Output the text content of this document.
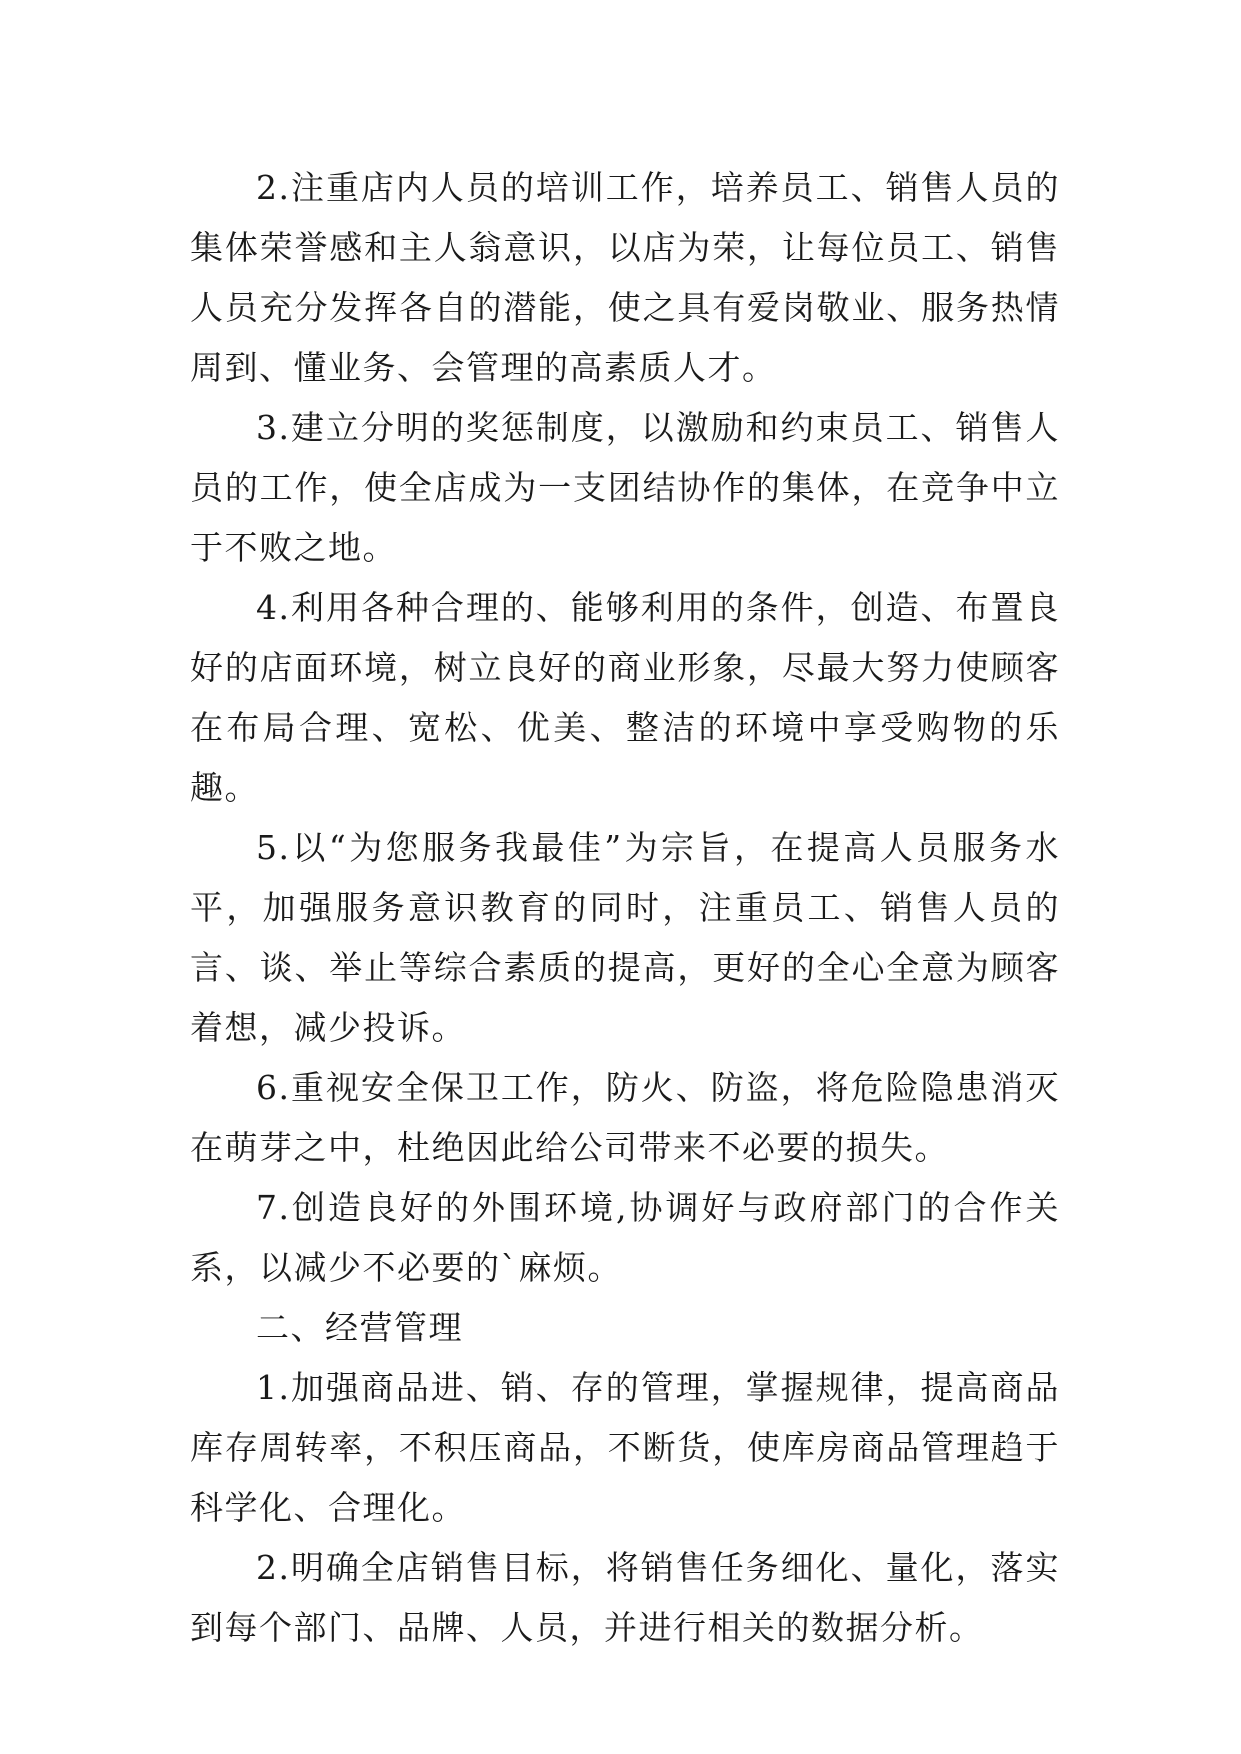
2.注重店内人员的培训工作，培养员工、销售人员的集体荣誉感和主人翁意识，以店为荣，让每位员工、销售人员充分发挥各自的潜能，使之具有爱岗敬业、服务热情周到、懂业务、会管理的高素质人才。

3.建立分明的奖惩制度，以激励和约束员工、销售人员的工作，使全店成为一支团结协作的集体，在竞争中立于不败之地。

4.利用各种合理的、能够利用的条件，创造、布置良好的店面环境，树立良好的商业形象，尽最大努力使顾客在布局合理、宽松、优美、整洁的环境中享受购物的乐趣。

5.以“为您服务我最佳”为宗旨，在提高人员服务水平，加强服务意识教育的同时，注重员工、销售人员的言、谈、举止等综合素质的提高，更好的全心全意为顾客着想，减少投诉。

6.重视安全保卫工作，防火、防盗，将危险隐患消灭在萌芽之中，杜绝因此给公司带来不必要的损失。

7.创造良好的外围环境,协调好与政府部门的合作关系，以减少不必要的`麻烦。

二、经营管理

1.加强商品进、销、存的管理，掌握规律，提高商品库存周转率，不积压商品，不断货，使库房商品管理趋于科学化、合理化。

2.明确全店销售目标，将销售任务细化、量化，落实到每个部门、品牌、人员，并进行相关的数据分析。
